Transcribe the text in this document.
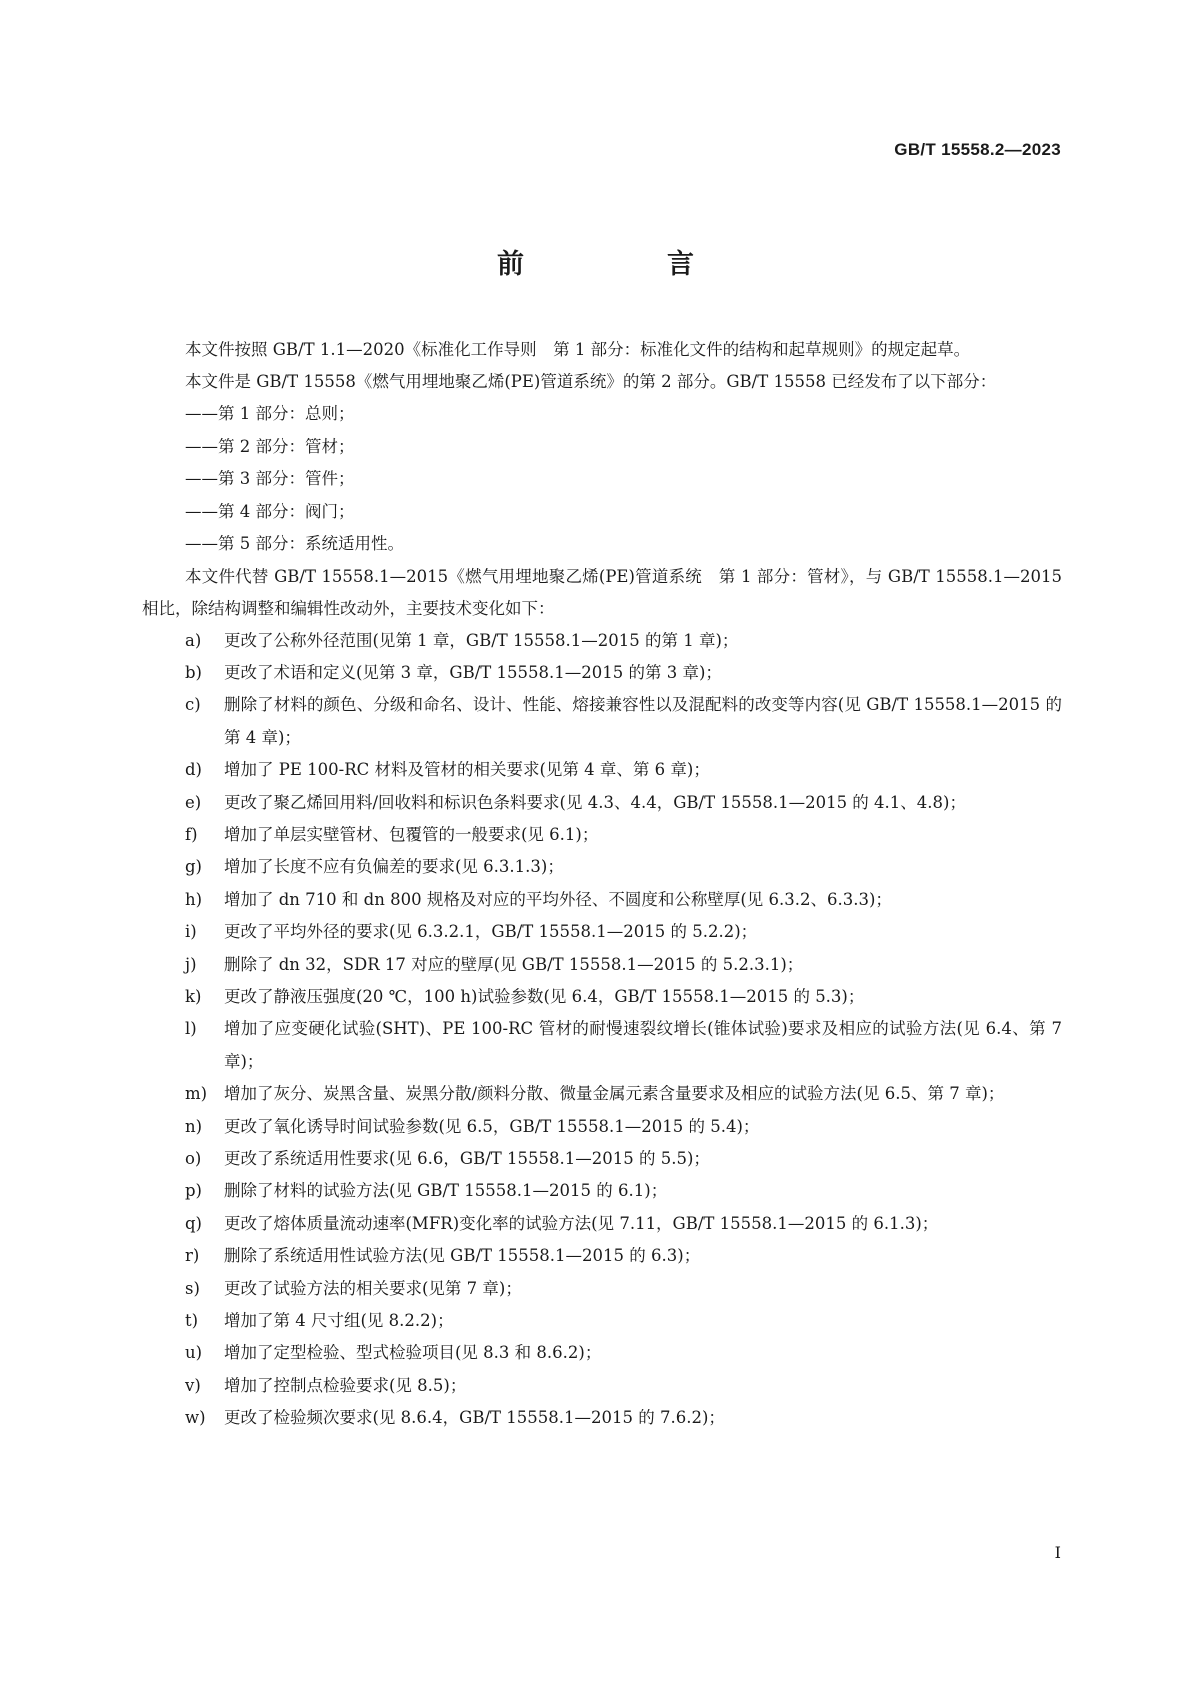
GB/T 15558.2—2023
前　言

本文件按照 GB/T 1.1—2020《标准化工作导则　第 1 部分：标准化文件的结构和起草规则》的规定起草。

本文件是 GB/T 15558《燃气用埋地聚乙烯(PE)管道系统》的第 2 部分。GB/T 15558 已经发布了以下部分：

——第 1 部分：总则；

——第 2 部分：管材；

——第 3 部分：管件；

——第 4 部分：阀门；

——第 5 部分：系统适用性。

本文件代替 GB/T 15558.1—2015《燃气用埋地聚乙烯(PE)管道系统　第 1 部分：管材》，与 GB/T 15558.1—2015 相比，除结构调整和编辑性改动外，主要技术变化如下：

a) 更改了公称外径范围(见第 1 章，GB/T 15558.1—2015 的第 1 章)；
b) 更改了术语和定义(见第 3 章，GB/T 15558.1—2015 的第 3 章)；
c) 删除了材料的颜色、分级和命名、设计、性能、熔接兼容性以及混配料的改变等内容(见 GB/T 15558.1—2015 的第 4 章)；
d) 增加了 PE 100-RC 材料及管材的相关要求(见第 4 章、第 6 章)；
e) 更改了聚乙烯回用料/回收料和标识色条料要求(见 4.3、4.4，GB/T 15558.1—2015 的 4.1、4.8)；
f) 增加了单层实壁管材、包覆管的一般要求(见 6.1)；
g) 增加了长度不应有负偏差的要求(见 6.3.1.3)；
h) 增加了 dn 710 和 dn 800 规格及对应的平均外径、不圆度和公称壁厚(见 6.3.2、6.3.3)；
i) 更改了平均外径的要求(见 6.3.2.1，GB/T 15558.1—2015 的 5.2.2)；
j) 删除了 dn 32，SDR 17 对应的壁厚(见 GB/T 15558.1—2015 的 5.2.3.1)；
k) 更改了静液压强度(20 ℃，100 h)试验参数(见 6.4，GB/T 15558.1—2015 的 5.3)；
l) 增加了应变硬化试验(SHT)、PE 100-RC 管材的耐慢速裂纹增长(锥体试验)要求及相应的试验方法(见 6.4、第 7 章)；
m) 增加了灰分、炭黑含量、炭黑分散/颜料分散、微量金属元素含量要求及相应的试验方法(见 6.5、第 7 章)；
n) 更改了氧化诱导时间试验参数(见 6.5，GB/T 15558.1—2015 的 5.4)；
o) 更改了系统适用性要求(见 6.6，GB/T 15558.1—2015 的 5.5)；
p) 删除了材料的试验方法(见 GB/T 15558.1—2015 的 6.1)；
q) 更改了熔体质量流动速率(MFR)变化率的试验方法(见 7.11，GB/T 15558.1—2015 的 6.1.3)；
r) 删除了系统适用性试验方法(见 GB/T 15558.1—2015 的 6.3)；
s) 更改了试验方法的相关要求(见第 7 章)；
t) 增加了第 4 尺寸组(见 8.2.2)；
u) 增加了定型检验、型式检验项目(见 8.3 和 8.6.2)；
v) 增加了控制点检验要求(见 8.5)；
w) 更改了检验频次要求(见 8.6.4，GB/T 15558.1—2015 的 7.6.2)；
I
